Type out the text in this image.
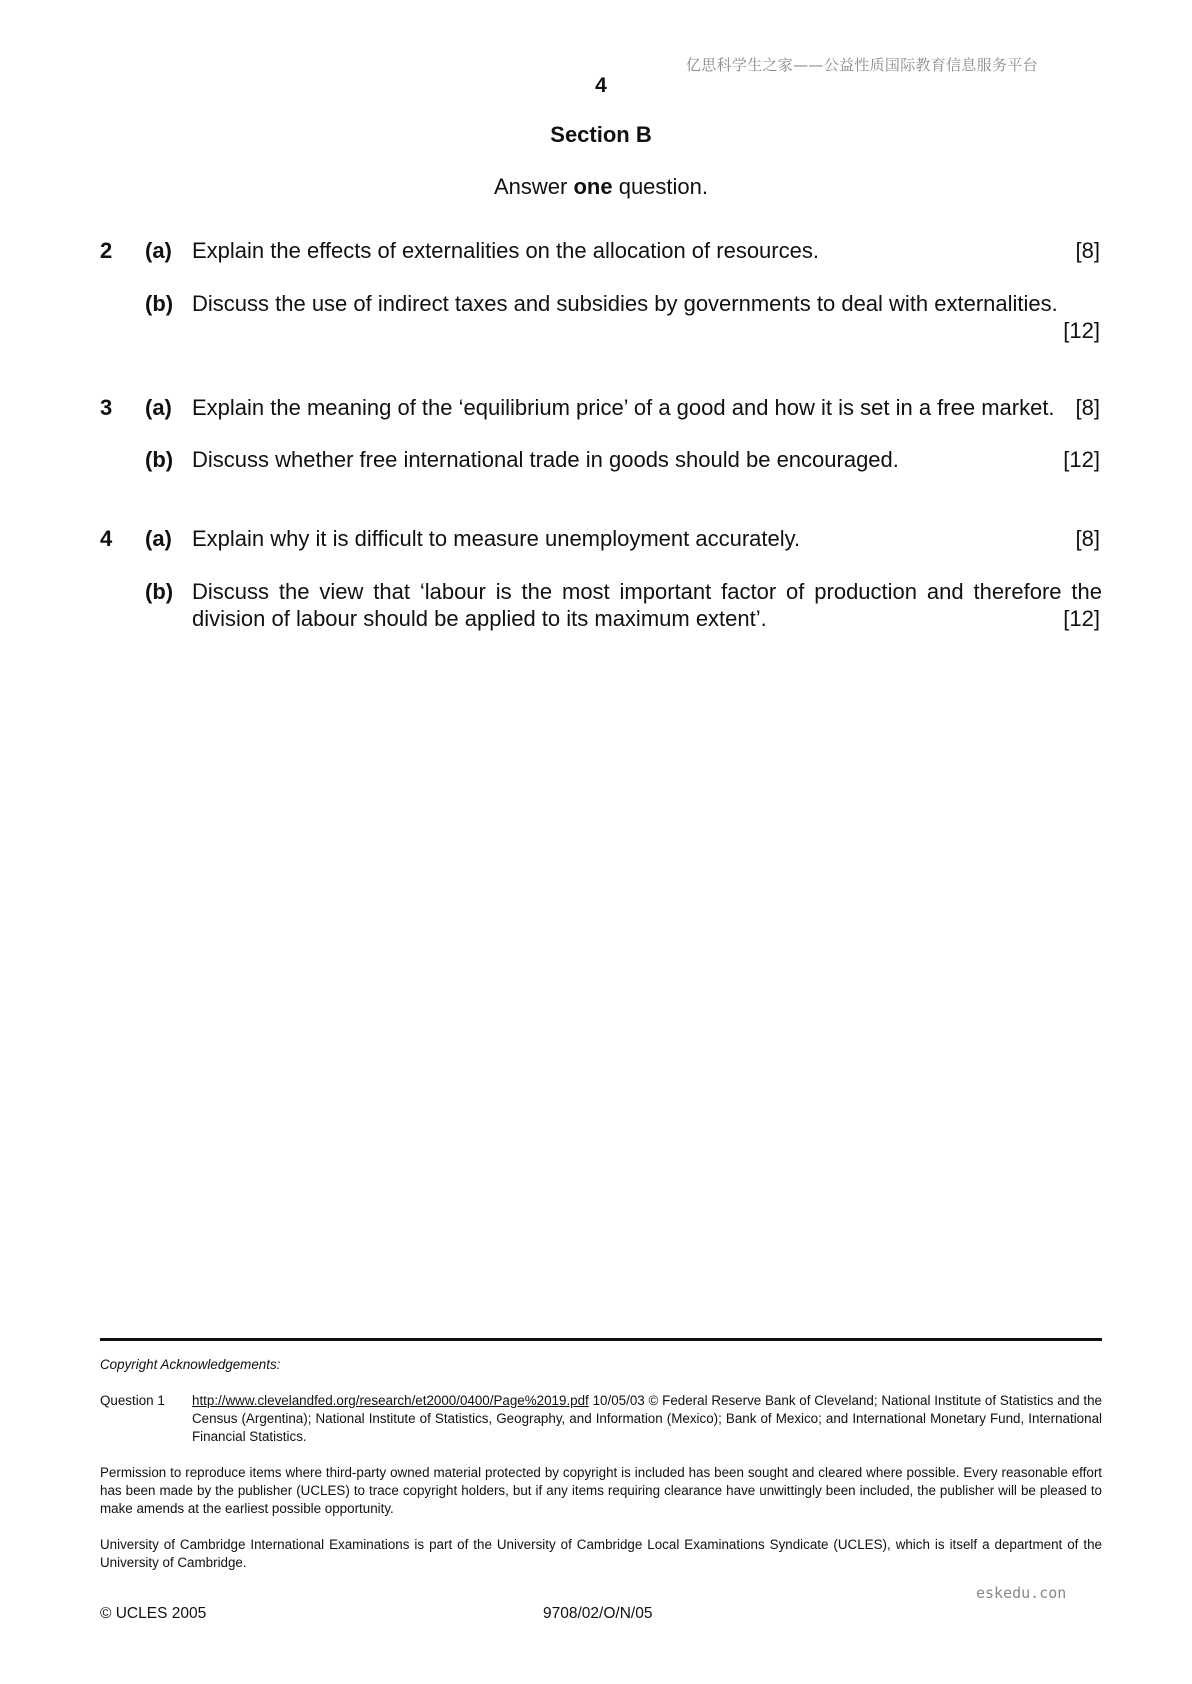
亿思科学生之家——公益性质国际教育信息服务平台
4
Section B
Answer one question.
2 (a) Explain the effects of externalities on the allocation of resources.	[8]
(b) Discuss the use of indirect taxes and subsidies by governments to deal with externalities.
[12]
3 (a) Explain the meaning of the ‘equilibrium price’ of a good and how it is set in a free market. [8]
(b) Discuss whether free international trade in goods should be encouraged.	[12]
4 (a) Explain why it is difficult to measure unemployment accurately.	[8]
(b) Discuss the view that ‘labour is the most important factor of production and therefore the division of labour should be applied to its maximum extent’.	[12]
Copyright Acknowledgements:
Question 1 http://www.clevelandfed.org/research/et2000/0400/Page%2019.pdf 10/05/03 © Federal Reserve Bank of Cleveland; National Institute of Statistics and the Census (Argentina); National Institute of Statistics, Geography, and Information (Mexico); Bank of Mexico; and International Monetary Fund, International Financial Statistics.
Permission to reproduce items where third-party owned material protected by copyright is included has been sought and cleared where possible. Every reasonable effort has been made by the publisher (UCLES) to trace copyright holders, but if any items requiring clearance have unwittingly been included, the publisher will be pleased to make amends at the earliest possible opportunity.
University of Cambridge International Examinations is part of the University of Cambridge Local Examinations Syndicate (UCLES), which is itself a department of the University of Cambridge.
eskedu.con
© UCLES 2005	9708/02/O/N/05
